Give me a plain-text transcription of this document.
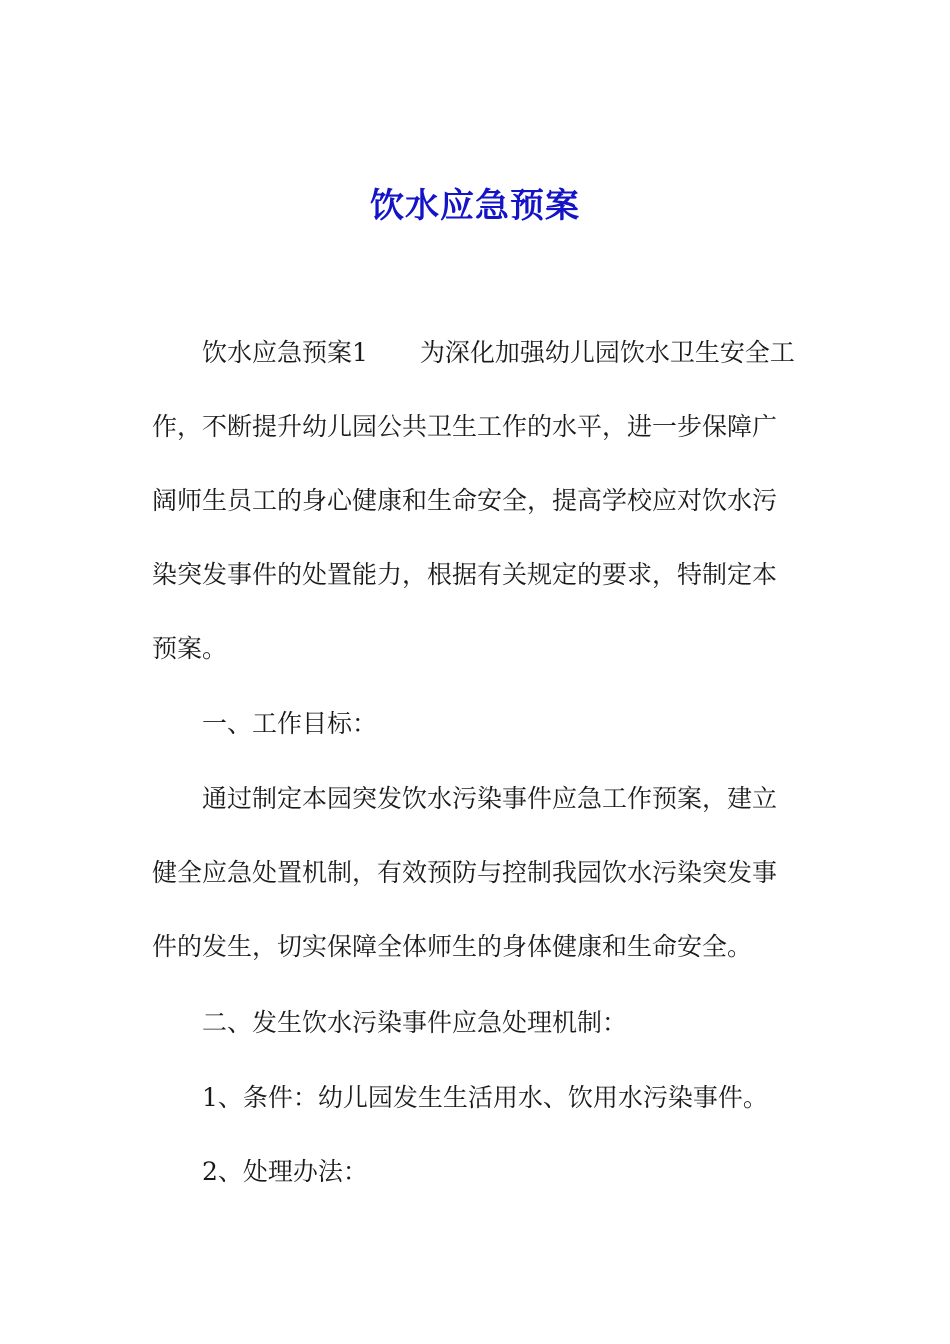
饮水应急预案
饮水应急预案1 为深化加强幼儿园饮水卫生安全工
作，不断提升幼儿园公共卫生工作的水平，进一步保障广
阔师生员工的身心健康和生命安全，提高学校应对饮水污
染突发事件的处置能力，根据有关规定的要求，特制定本
预案。
一、工作目标：
通过制定本园突发饮水污染事件应急工作预案，建立
健全应急处置机制，有效预防与控制我园饮水污染突发事
件的发生，切实保障全体师生的身体健康和生命安全。
二、发生饮水污染事件应急处理机制：
1、条件：幼儿园发生生活用水、饮用水污染事件。
2、处理办法：
